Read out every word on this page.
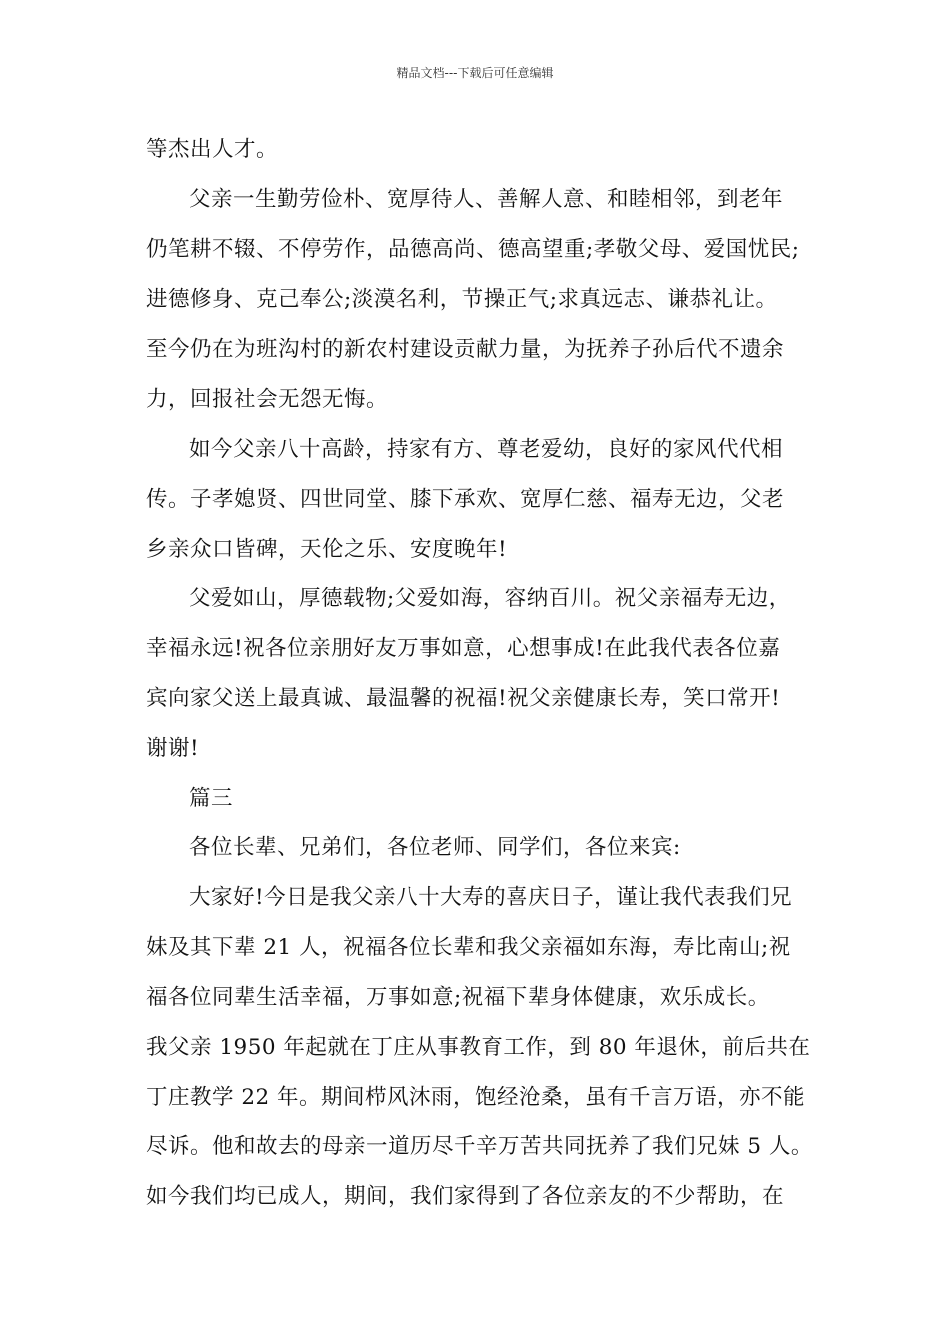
精品文档---下载后可任意编辑
等杰出人才。
父亲一生勤劳俭朴、宽厚待人、善解人意、和睦相邻，到老年
仍笔耕不辍、不停劳作，品德高尚、德高望重;孝敬父母、爱国忧民;
进德修身、克己奉公;淡漠名利，节操正气;求真远志、谦恭礼让。
至今仍在为班沟村的新农村建设贡献力量，为抚养子孙后代不遗余
力，回报社会无怨无悔。
如今父亲八十高龄，持家有方、尊老爱幼，良好的家风代代相
传。子孝媳贤、四世同堂、膝下承欢、宽厚仁慈、福寿无边，父老
乡亲众口皆碑，天伦之乐、安度晚年!
父爱如山，厚德载物;父爱如海，容纳百川。祝父亲福寿无边，
幸福永远!祝各位亲朋好友万事如意，心想事成!在此我代表各位嘉
宾向家父送上最真诚、最温馨的祝福!祝父亲健康长寿，笑口常开!
谢谢!
篇三
各位长辈、兄弟们，各位老师、同学们，各位来宾:
大家好!今日是我父亲八十大寿的喜庆日子，谨让我代表我们兄
妹及其下辈 21 人，祝福各位长辈和我父亲福如东海，寿比南山;祝
福各位同辈生活幸福，万事如意;祝福下辈身体健康，欢乐成长。
我父亲 1950 年起就在丁庄从事教育工作，到 80 年退休，前后共在
丁庄教学 22 年。期间栉风沐雨，饱经沧桑，虽有千言万语，亦不能
尽诉。他和故去的母亲一道历尽千辛万苦共同抚养了我们兄妹 5 人。
如今我们均已成人，期间，我们家得到了各位亲友的不少帮助，在
